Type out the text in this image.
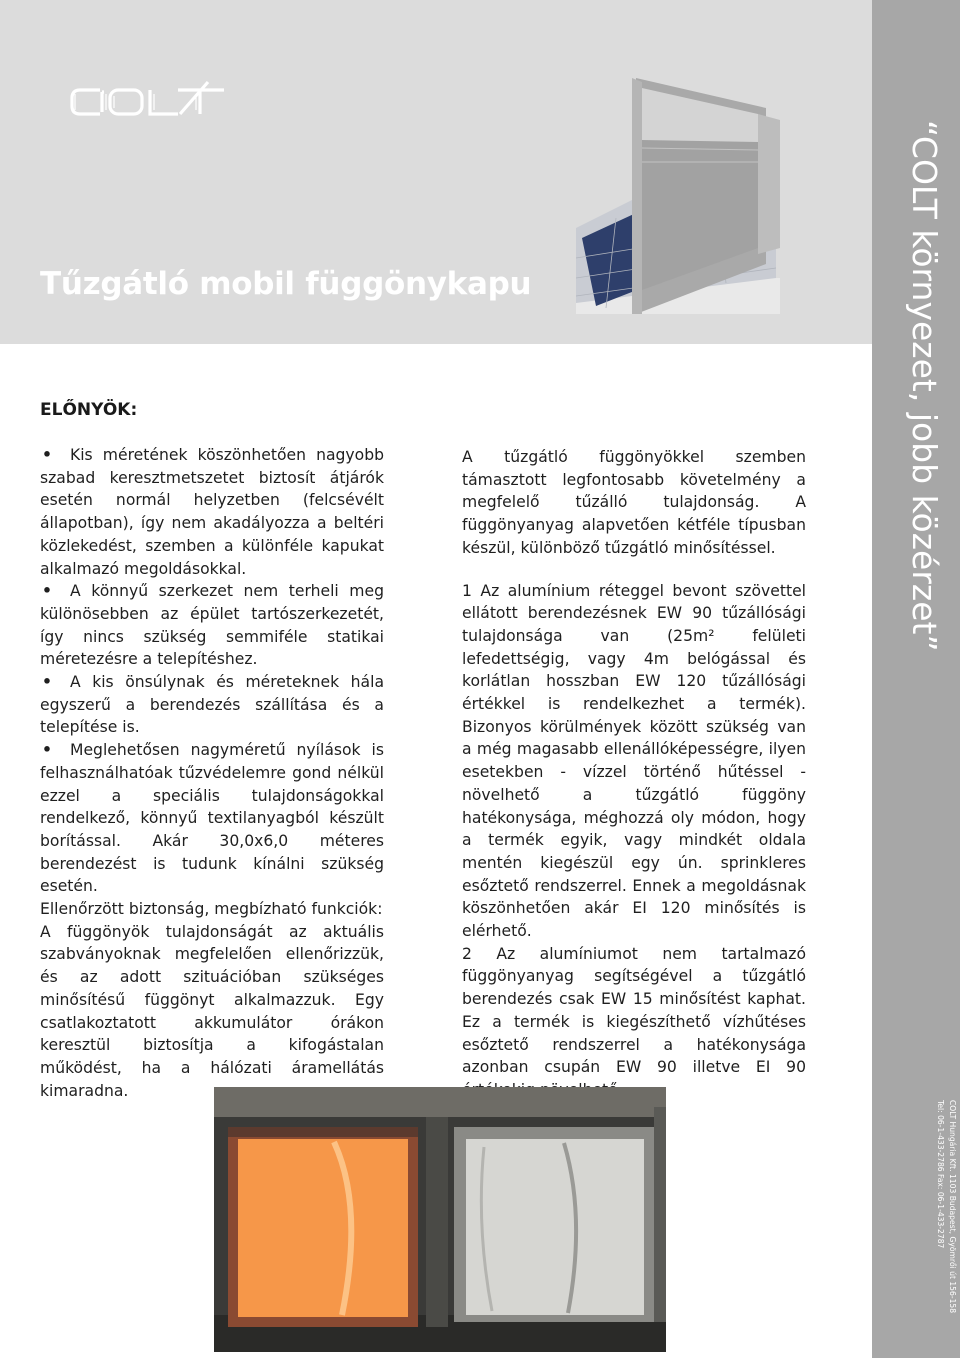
Tűzgátló mobil függönykapu	“COLT környezet, jobb közérzet”
COLT Hungária Kft. 1103 Budapest, Gyömrői út 156-158
Tel: 06-1-433-2786 Fax: 06-1-433-2787
ELŐNYÖK:

• Kis méretének köszönhetően nagyobb szabad keresztmetszetet biztosít átjárók esetén normál helyzetben (felcsévélt állapotban), így nem akadályozza a beltéri közlekedést, szemben a különféle kapukat alkalmazó megoldásokkal.

• A könnyű szerkezet nem terheli meg különösebben az épület tartószerkezetét, így nincs szükség semmiféle statikai méretezésre a telepítéshez.

• A kis önsúlynak és méreteknek hála egyszerű a berendezés szállítása és a telepítése is.

• Meglehetősen nagyméretű nyílások is felhasználhatóak tűzvédelemre gond nélkül ezzel a speciális tulajdonságokkal rendelkező, könnyű textilanyagból készült borítással. Akár 30,0x6,0 méteres berendezést is tudunk kínálni szükség esetén.

Ellenőrzött biztonság, megbízható funkciók:

A függönyök tulajdonságát az aktuális szabványoknak megfelelően ellenőrizzük, és az adott szituációban szükséges minősítésű függönyt alkalmazzuk. Egy csatlakoztatott akkumulátor órákon keresztül biztosítja a kifogástalan működést, ha a hálózati áramellátás kimaradna.

A tűzgátló függönyökkel szemben támasztott legfontosabb követelmény a megfelelő tűzálló tulajdonság. A függönyanyag alapvetően kétféle típusban készül, különböző tűzgátló minősítéssel.

1 Az alumínium réteggel bevont szövettel ellátott berendezésnek EW 90 tűzállósági tulajdonsága van (25m² felületi lefedettségig, vagy 4m belógással és korlátlan hosszban EW 120 tűzállósági értékkel is rendelkezhet a termék). Bizonyos körülmények között szükség van a még magasabb ellenállóképességre, ilyen esetekben - vízzel történő hűtéssel - növelhető a tűzgátló függöny hatékonysága, méghozzá oly módon, hogy a termék egyik, vagy mindkét oldala mentén kiegészül egy ún. sprinkleres esőztető rendszerrel. Ennek a megoldásnak köszönhetően akár EI 120 minősítés is elérhető.

2 Az alumíniumot nem tartalmazó függönyanyag segítségével a tűzgátló berendezés csak EW 15 minősítést kaphat. Ez a termék is kiegészíthető vízhűtéses esőztető rendszerrel a hatékonysága azonban csupán EW 90 illetve EI 90
